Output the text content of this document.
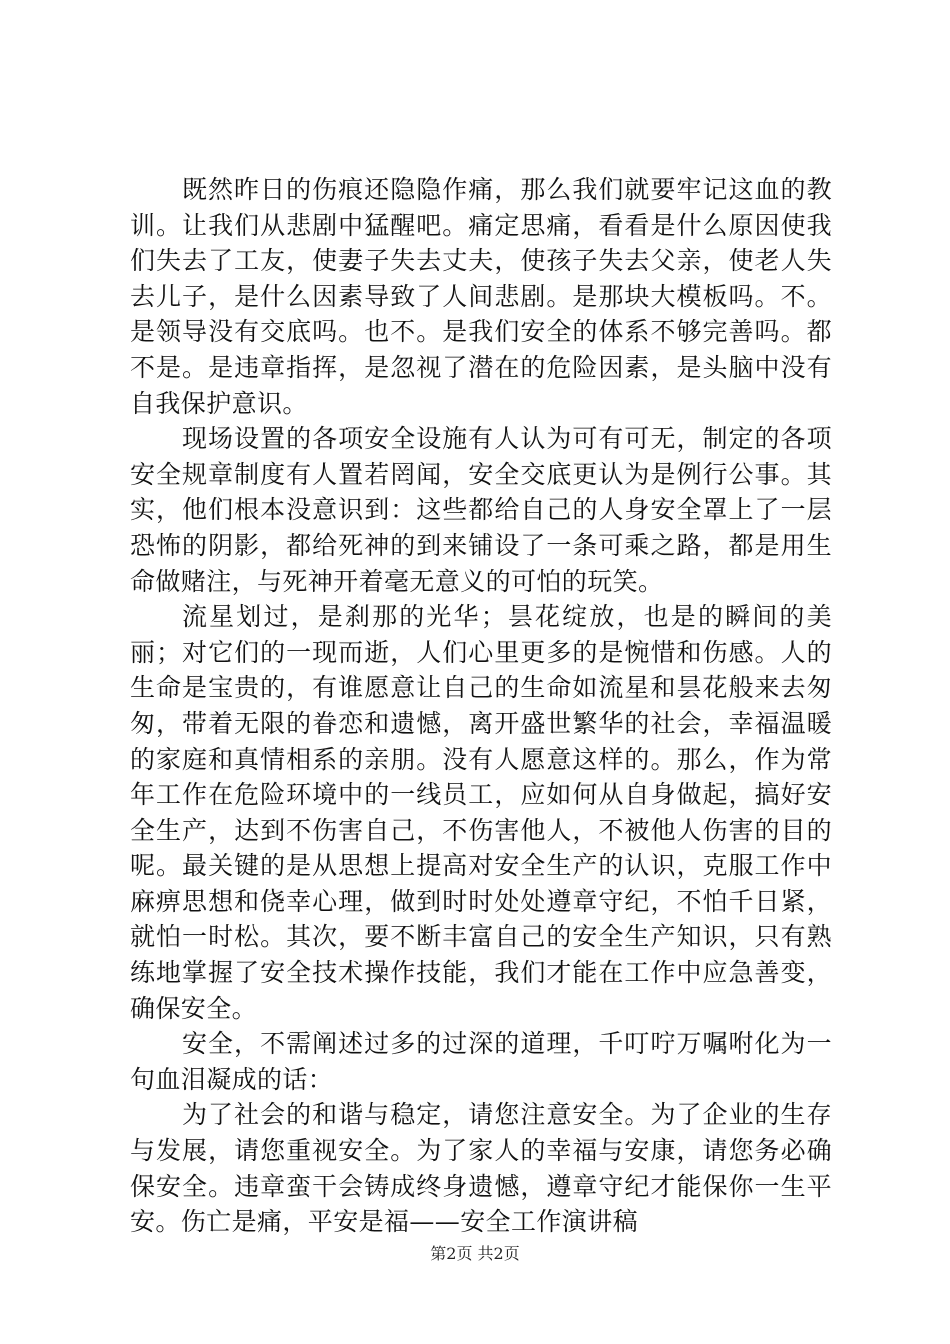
既然昨日的伤痕还隐隐作痛，那么我们就要牢记这血的教训。让我们从悲剧中猛醒吧。痛定思痛，看看是什么原因使我们失去了工友，使妻子失去丈夫，使孩子失去父亲，使老人失去儿子，是什么因素导致了人间悲剧。是那块大模板吗。不。是领导没有交底吗。也不。是我们安全的体系不够完善吗。都不是。是违章指挥，是忽视了潜在的危险因素，是头脑中没有自我保护意识。

现场设置的各项安全设施有人认为可有可无，制定的各项安全规章制度有人置若罔闻，安全交底更认为是例行公事。其实，他们根本没意识到：这些都给自己的人身安全罩上了一层恐怖的阴影，都给死神的到来铺设了一条可乘之路，都是用生命做赌注，与死神开着毫无意义的可怕的玩笑。

流星划过，是刹那的光华；昙花绽放，也是的瞬间的美丽；对它们的一现而逝，人们心里更多的是惋惜和伤感。人的生命是宝贵的，有谁愿意让自己的生命如流星和昙花般来去匆匆，带着无限的眷恋和遗憾，离开盛世繁华的社会，幸福温暖的家庭和真情相系的亲朋。没有人愿意这样的。那么，作为常年工作在危险环境中的一线员工，应如何从自身做起，搞好安全生产，达到不伤害自己，不伤害他人，不被他人伤害的目的呢。最关键的是从思想上提高对安全生产的认识，克服工作中麻痹思想和侥幸心理，做到时时处处遵章守纪，不怕千日紧，就怕一时松。其次，要不断丰富自己的安全生产知识，只有熟练地掌握了安全技术操作技能，我们才能在工作中应急善变，确保安全。

安全，不需阐述过多的过深的道理，千叮咛万嘱咐化为一句血泪凝成的话：

为了社会的和谐与稳定，请您注意安全。为了企业的生存与发展，请您重视安全。为了家人的幸福与安康，请您务必确保安全。违章蛮干会铸成终身遗憾，遵章守纪才能保你一生平安。伤亡是痛，平安是福——安全工作演讲稿

第2页 共2页
